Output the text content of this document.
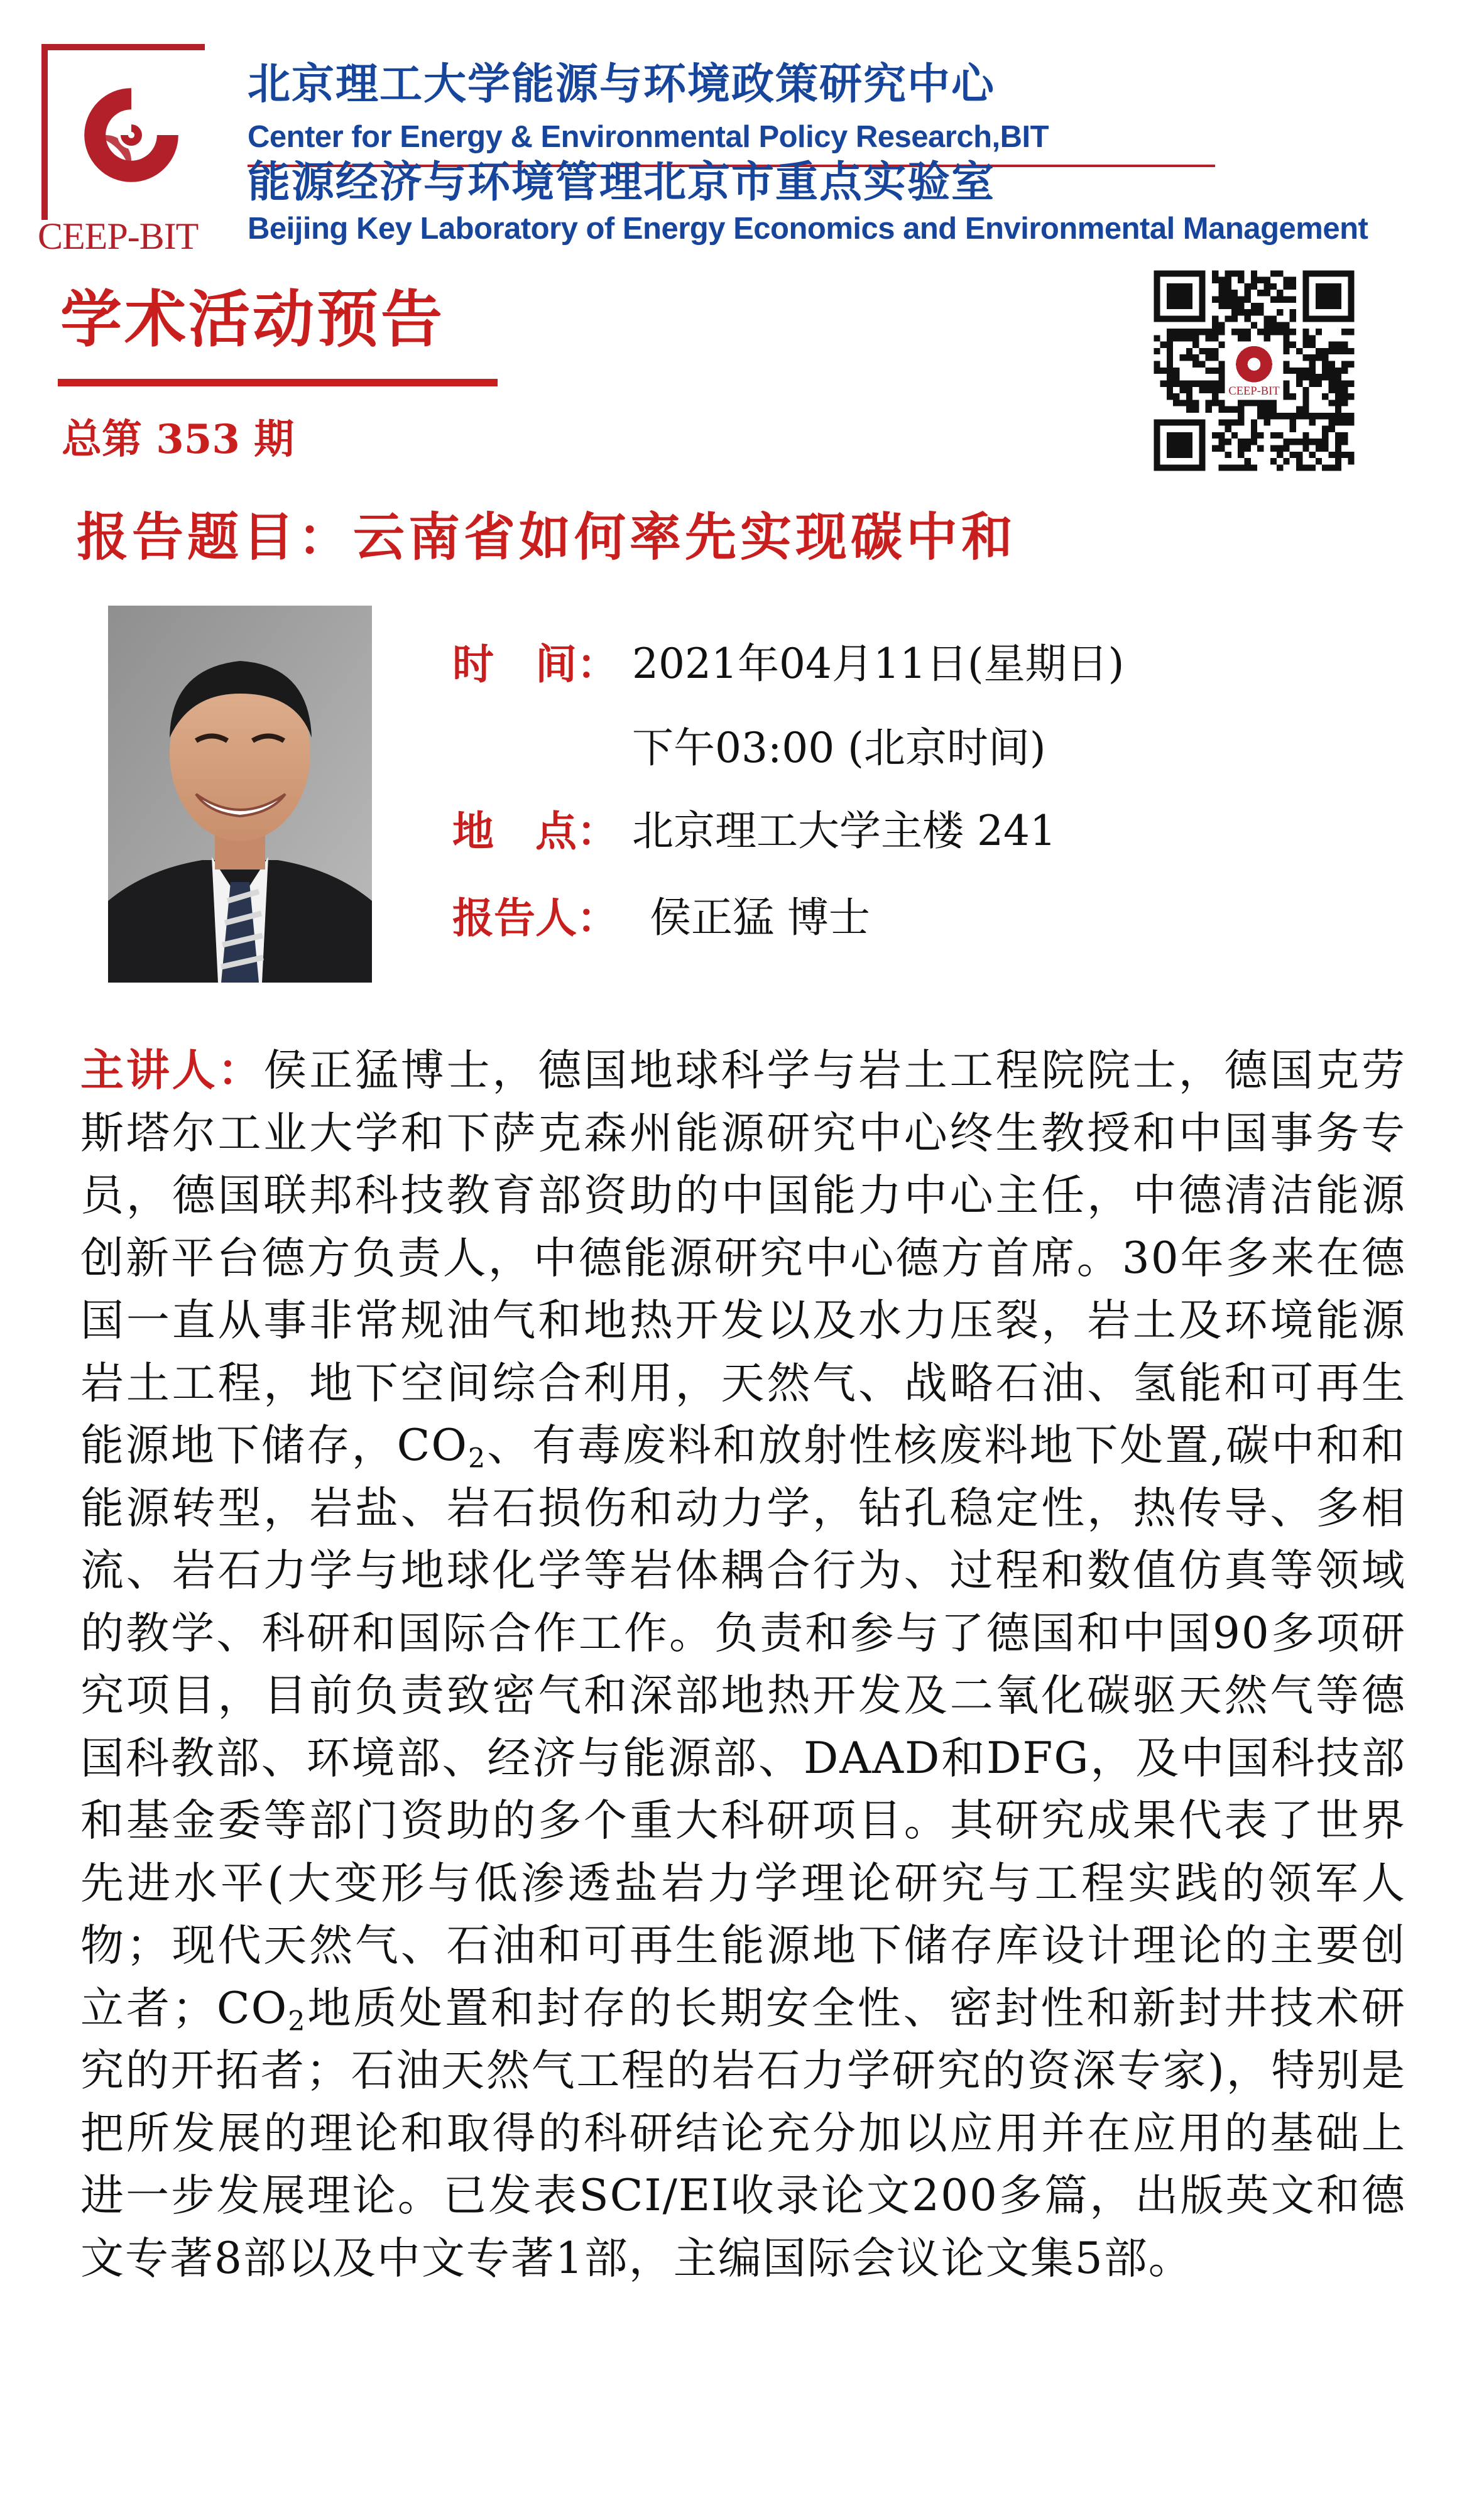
CEEP-BIT
北京理工大学能源与环境政策研究中心
Center for Energy & Environmental Policy Research,BIT
能源经济与环境管理北京市重点实验室
Beijing Key Laboratory of Energy Economics and Environmental Management
学术活动预告
总第 353 期
CEEP-BIT
报告题目：云南省如何率先实现碳中和
时　间： 2021年04月11日(星期日)
下午03:00 (北京时间)
地　点： 北京理工大学主楼 241
报告人： 侯正猛 博士
主讲人：侯正猛博士，德国地球科学与岩土工程院院士，德国克劳斯塔尔工业大学和下萨克森州能源研究中心终生教授和中国事务专员，德国联邦科技教育部资助的中国能力中心主任，中德清洁能源创新平台德方负责人，中德能源研究中心德方首席。30年多来在德国一直从事非常规油气和地热开发以及水力压裂，岩土及环境能源岩土工程，地下空间综合利用，天然气、战略石油、氢能和可再生能源地下储存，$CO_2$、有毒废料和放射性核废料地下处置,碳中和和能源转型，岩盐、岩石损伤和动力学，钻孔稳定性，热传导、多相流、岩石力学与地球化学等岩体耦合行为、过程和数值仿真等领域的教学、科研和国际合作工作。负责和参与了德国和中国90多项研究项目，目前负责致密气和深部地热开发及二氧化碳驱天然气等德国科教部、环境部、经济与能源部、DAAD和DFG，及中国科技部和基金委等部门资助的多个重大科研项目。其研究成果代表了世界先进水平(大变形与低渗透盐岩力学理论研究与工程实践的领军人物；现代天然气、石油和可再生能源地下储存库设计理论的主要创立者；$CO_2$地质处置和封存的长期安全性、密封性和新封井技术研究的开拓者；石油天然气工程的岩石力学研究的资深专家)，特别是把所发展的理论和取得的科研结论充分加以应用并在应用的基础上进一步发展理论。已发表SCI/EI收录论文200多篇，出版英文和德文专著8部以及中文专著1部，主编国际会议论文集5部。
